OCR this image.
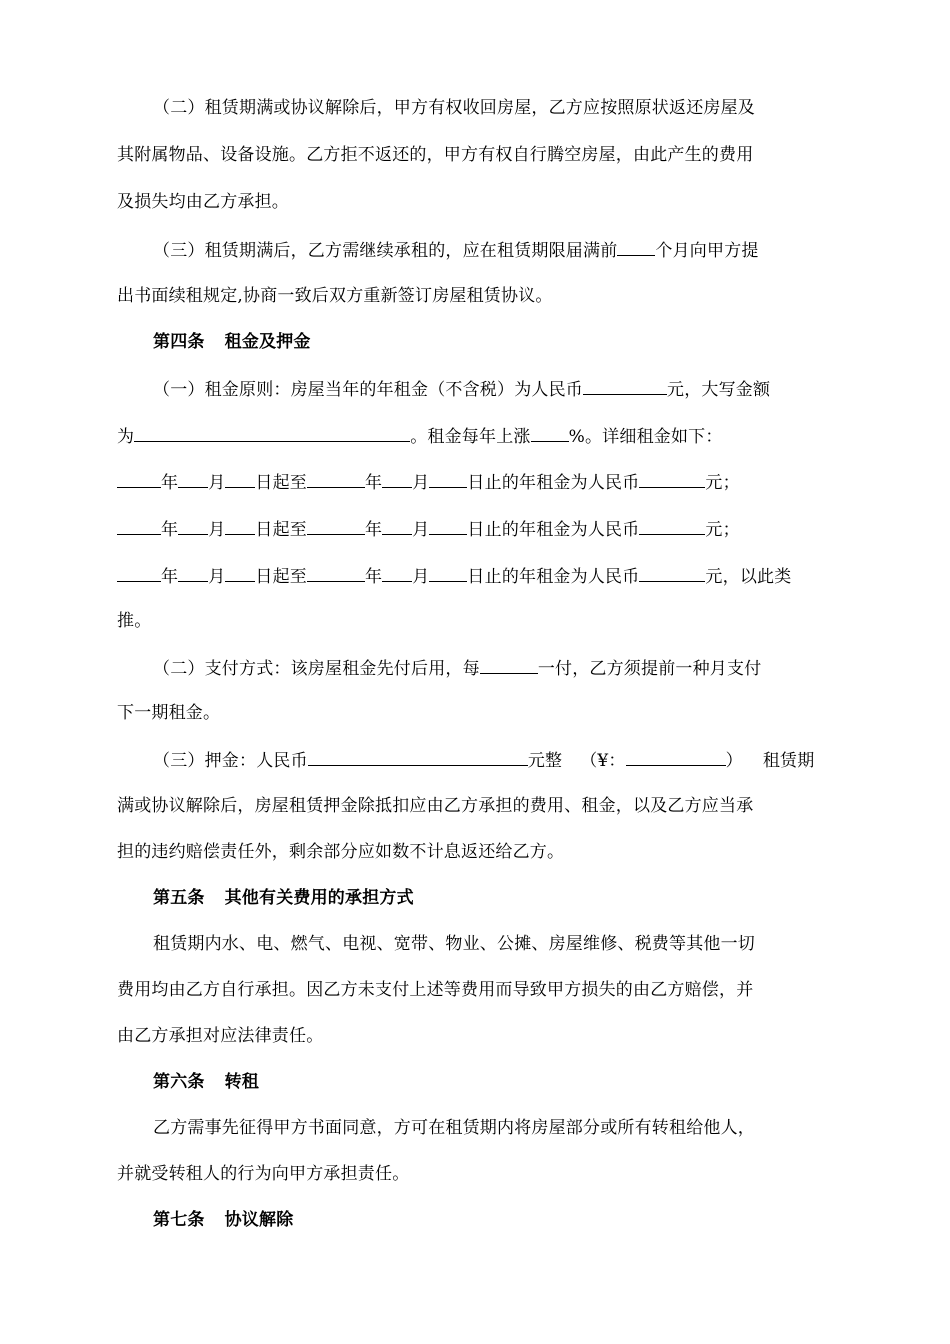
（二）租赁期满或协议解除后，甲方有权收回房屋，乙方应按照原状返还房屋及
其附属物品、设备设施。乙方拒不返还的，甲方有权自行腾空房屋，由此产生的费用
及损失均由乙方承担。
（三）租赁期满后，乙方需继续承租的，应在租赁期限届满前 个月向甲方提
出书面续租规定,协商一致后双方重新签订房屋租赁协议。
第四条 租金及押金
（一）租金原则：房屋当年的年租金（不含税）为人民币	元，大写金额
为	。租金每年上涨 %。详细租金如下：
年 月 日起至	年 月 日止的年租金为人民币	元；
年 月 日起至	年 月 日止的年租金为人民币	元；
年 月 日起至	年 月 日止的年租金为人民币	元，以此类
推。
（二）支付方式：该房屋租金先付后用，每	一付，乙方须提前一种月支付
下一期租金。
（三）押金：人民币	元整 （¥：	） 租赁期
满或协议解除后，房屋租赁押金除抵扣应由乙方承担的费用、租金，以及乙方应当承
担的违约赔偿责任外，剩余部分应如数不计息返还给乙方。
第五条 其他有关费用的承担方式
租赁期内水、电、燃气、电视、宽带、物业、公摊、房屋维修、税费等其他一切
费用均由乙方自行承担。因乙方未支付上述等费用而导致甲方损失的由乙方赔偿，并
由乙方承担对应法律责任。
第六条 转租
乙方需事先征得甲方书面同意，方可在租赁期内将房屋部分或所有转租给他人，
并就受转租人的行为向甲方承担责任。
第七条 协议解除
